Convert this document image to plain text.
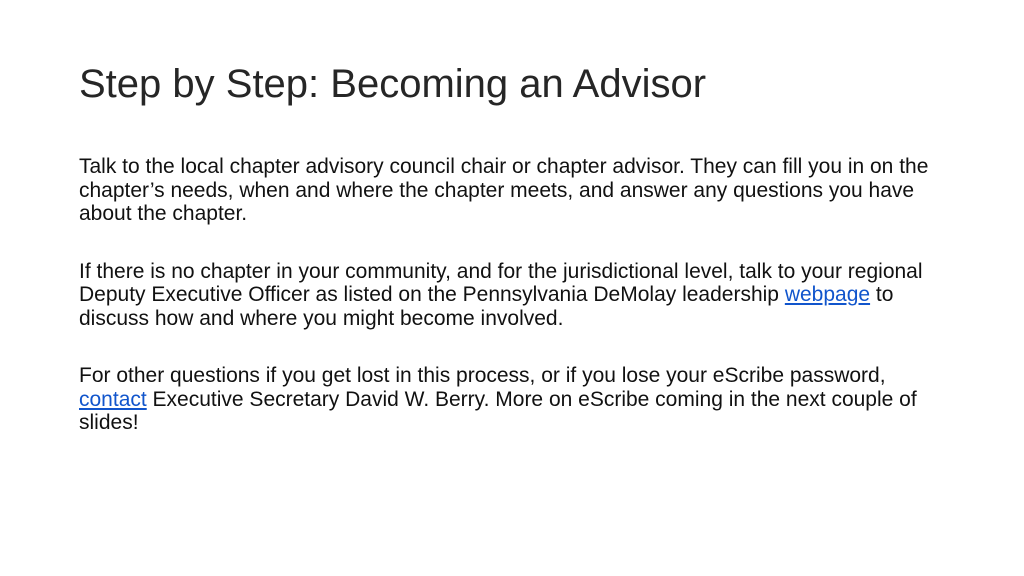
Step by Step: Becoming an Advisor

Talk to the local chapter advisory council chair or chapter advisor. They can fill you in on the chapter’s needs, when and where the chapter meets, and answer any questions you have about the chapter.

If there is no chapter in your community, and for the jurisdictional level, talk to your regional Deputy Executive Officer as listed on the Pennsylvania DeMolay leadership webpage to discuss how and where you might become involved.

For other questions if you get lost in this process, or if you lose your eScribe password, contact Executive Secretary David W. Berry. More on eScribe coming in the next couple of slides!
